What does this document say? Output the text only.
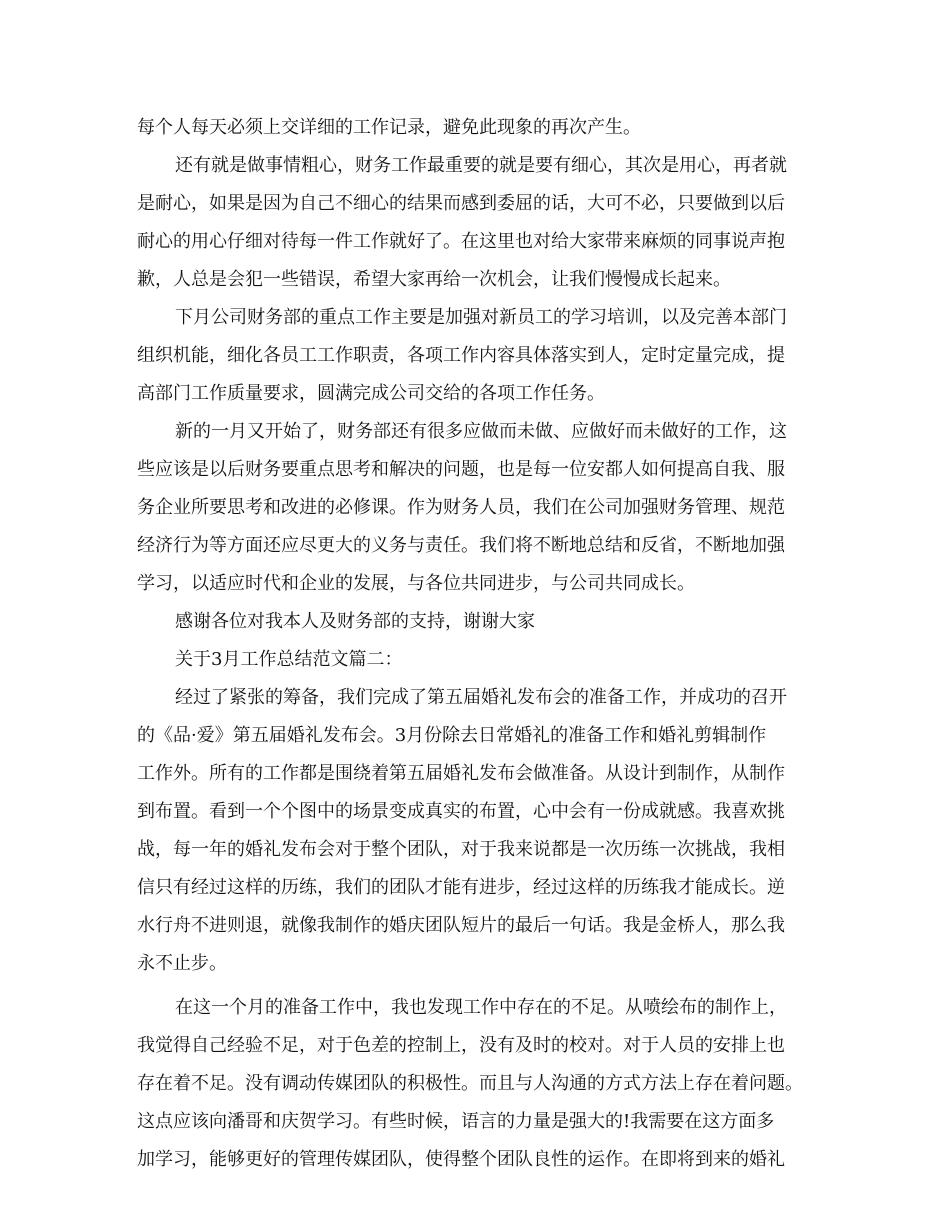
每个人每天必须上交详细的工作记录，避免此现象的再次产生。
还有就是做事情粗心，财务工作最重要的就是要有细心，其次是用心，再者就
是耐心，如果是因为自己不细心的结果而感到委屈的话，大可不必，只要做到以后
耐心的用心仔细对待每一件工作就好了。在这里也对给大家带来麻烦的同事说声抱
歉，人总是会犯一些错误，希望大家再给一次机会，让我们慢慢成长起来。
下月公司财务部的重点工作主要是加强对新员工的学习培训，以及完善本部门
组织机能，细化各员工工作职责，各项工作内容具体落实到人，定时定量完成，提
高部门工作质量要求，圆满完成公司交给的各项工作任务。
新的一月又开始了，财务部还有很多应做而未做、应做好而未做好的工作，这
些应该是以后财务要重点思考和解决的问题，也是每一位安都人如何提高自我、服
务企业所要思考和改进的必修课。作为财务人员，我们在公司加强财务管理、规范
经济行为等方面还应尽更大的义务与责任。我们将不断地总结和反省，不断地加强
学习，以适应时代和企业的发展，与各位共同进步，与公司共同成长。
感谢各位对我本人及财务部的支持，谢谢大家
关于3月工作总结范文篇二：
经过了紧张的筹备，我们完成了第五届婚礼发布会的准备工作，并成功的召开
的《品·爱》第五届婚礼发布会。3月份除去日常婚礼的准备工作和婚礼剪辑制作
工作外。所有的工作都是围绕着第五届婚礼发布会做准备。从设计到制作，从制作
到布置。看到一个个图中的场景变成真实的布置，心中会有一份成就感。我喜欢挑
战，每一年的婚礼发布会对于整个团队，对于我来说都是一次历练一次挑战，我相
信只有经过这样的历练，我们的团队才能有进步，经过这样的历练我才能成长。逆
水行舟不进则退，就像我制作的婚庆团队短片的最后一句话。我是金桥人，那么我
永不止步。
在这一个月的准备工作中，我也发现工作中存在的不足。从喷绘布的制作上，
我觉得自己经验不足，对于色差的控制上，没有及时的校对。对于人员的安排上也
存在着不足。没有调动传媒团队的积极性。而且与人沟通的方式方法上存在着问题。
这点应该向潘哥和庆贺学习。有些时候，语言的力量是强大的!我需要在这方面多
加学习，能够更好的管理传媒团队，使得整个团队良性的运作。在即将到来的婚礼
